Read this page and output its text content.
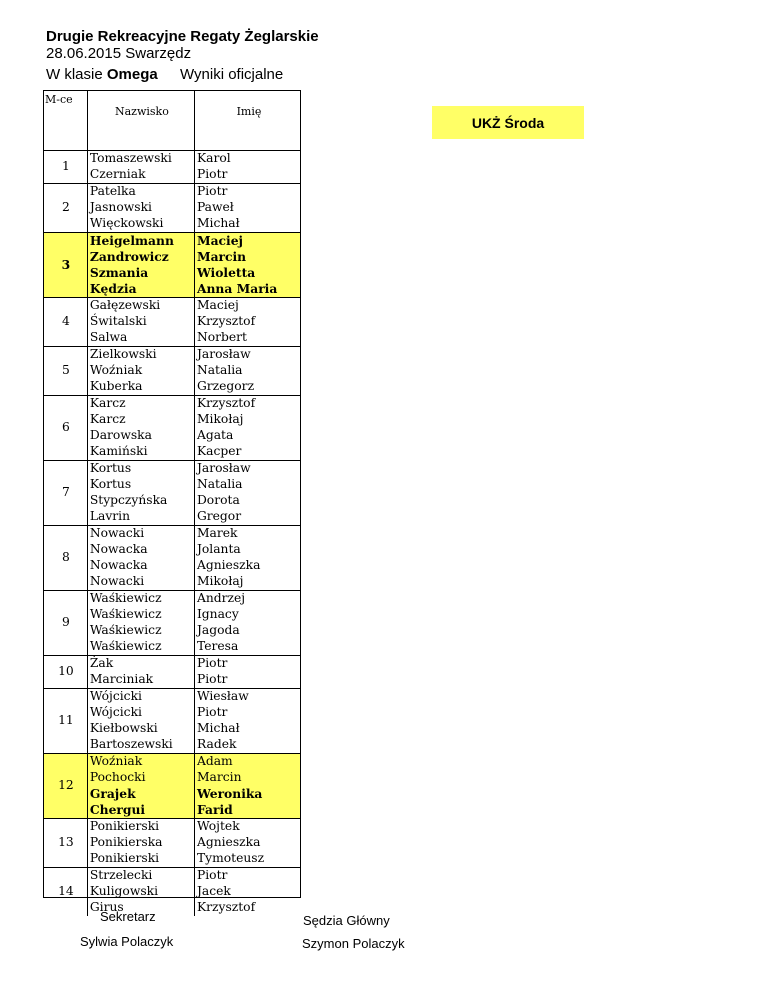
Drugie Rekreacyjne Regaty Żeglarskie
28.06.2015 Swarzędz
W klasie Omega Wyniki oficjalne
UKŻ Środa
M-ce	Nazwisko	Imię
1	Tomaszewski	Karol
	Czerniak	Piotr
2	Patelka	Piotr
	Jasnowski	Paweł
	Więckowski	Michał
3	Heigelmann	Maciej
	Zandrowicz	Marcin
	Szmania	Wioletta
	Kędzia	Anna Maria
4	Gałęzewski	Maciej
	Świtalski	Krzysztof
	Salwa	Norbert
5	Zielkowski	Jarosław
	Woźniak	Natalia
	Kuberka	Grzegorz
6	Karcz	Krzysztof
	Karcz	Mikołaj
	Darowska	Agata
	Kamiński	Kacper
7	Kortus	Jarosław
	Kortus	Natalia
	Stypczyńska	Dorota
	Lavrin	Gregor
8	Nowacki	Marek
	Nowacka	Jolanta
	Nowacka	Agnieszka
	Nowacki	Mikołaj
9	Waśkiewicz	Andrzej
	Waśkiewicz	Ignacy
	Waśkiewicz	Jagoda
	Waśkiewicz	Teresa
10	Żak	Piotr
	Marciniak	Piotr
11	Wójcicki	Wiesław
	Wójcicki	Piotr
	Kiełbowski	Michał
	Bartoszewski	Radek
12	Woźniak	Adam
	Pochocki	Marcin
	Grajek	Weronika
	Chergui	Farid
13	Ponikierski	Wojtek
	Ponikierska	Agnieszka
	Ponikierski	Tymoteusz
14	Strzelecki	Piotr
	Kuligowski	Jacek
	Girus	Krzysztof
Sekretarz
Sylwia Polaczyk
Sędzia Główny
Szymon Polaczyk
